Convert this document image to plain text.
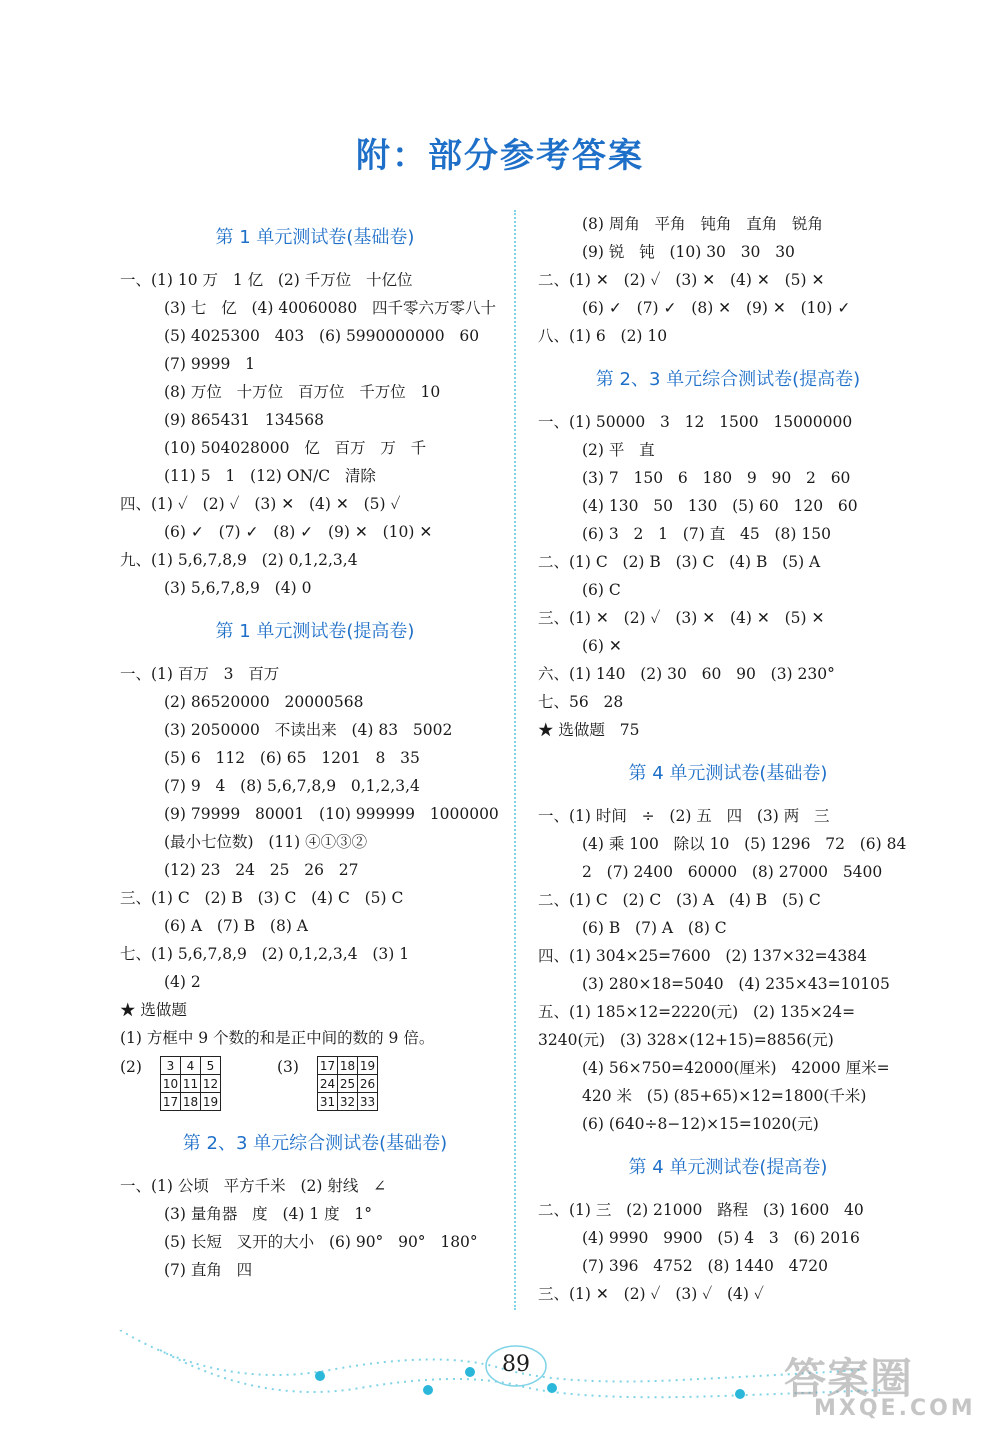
附：部分参考答案
第 1 单元测试卷(基础卷)
一、(1) 10 万   1 亿   (2) 千万位   十亿位
(3) 七   亿   (4) 40060080   四千零六万零八十
(5) 4025300   403   (6) 5990000000   60
(7) 9999   1
(8) 万位   十万位   百万位   千万位   10
(9) 865431   134568
(10) 504028000   亿   百万   万   千
(11) 5   1   (12) ON/C   清除
四、(1) ✓   (2) ✓   (3) ✕   (4) ✕   (5) ✓
(6) ✓   (7) ✓   (8) ✓   (9) ✕   (10) ✕
九、(1) 5,6,7,8,9   (2) 0,1,2,3,4
(3) 5,6,7,8,9   (4) 0
第 1 单元测试卷(提高卷)
一、(1) 百万   3   百万
(2) 86520000   20000568
(3) 2050000   不读出来   (4) 83   5002
(5) 6   112   (6) 65   1201   8   35
(7) 9   4   (8) 5,6,7,8,9   0,1,2,3,4
(9) 79999   80001   (10) 999999   1000000
(最小七位数)   (11) ④①③②
(12) 23   24   25   26   27
三、(1) C   (2) B   (3) C   (4) C   (5) C
(6) A   (7) B   (8) A
七、(1) 5,6,7,8,9   (2) 0,1,2,3,4   (3) 1
(4) 2
★ 选做题
(1) 方框中 9 个数的和是正中间的数的 9 倍。
(2)	3	4	5
10	11	12
17	18	19
(3)	17	18	19
24	25	26
31	32	33
第 2、3 单元综合测试卷(基础卷)
一、(1) 公顷   平方千米   (2) 射线   ∠
(3) 量角器   度   (4) 1 度   1°
(5) 长短   叉开的大小   (6) 90°   90°   180°
(7) 直角   四
(8) 周角   平角   钝角   直角   锐角
(9) 锐   钝   (10) 30   30   30
二、(1) ✕   (2) ✓   (3) ✕   (4) ✕   (5) ✕
(6) ✓   (7) ✓   (8) ✕   (9) ✕   (10) ✓
八、(1) 6   (2) 10
第 2、3 单元综合测试卷(提高卷)
一、(1) 50000   3   12   1500   15000000
(2) 平   直
(3) 7   150   6   180   9   90   2   60
(4) 130   50   130   (5) 60   120   60
(6) 3   2   1   (7) 直   45   (8) 150
二、(1) C   (2) B   (3) C   (4) B   (5) A
(6) C
三、(1) ✕   (2) ✓   (3) ✕   (4) ✕   (5) ✕
(6) ✕
六、(1) 140   (2) 30   60   90   (3) 230°
七、56   28
★ 选做题   75
第 4 单元测试卷(基础卷)
一、(1) 时间   ÷   (2) 五   四   (3) 两   三
(4) 乘 100   除以 10   (5) 1296   72   (6) 84
2   (7) 2400   60000   (8) 27000   5400
二、(1) C   (2) C   (3) A   (4) B   (5) C
(6) B   (7) A   (8) C
四、(1) 304×25=7600   (2) 137×32=4384
(3) 280×18=5040   (4) 235×43=10105
五、(1) 185×12=2220(元)   (2) 135×24=
3240(元)   (3) 328×(12+15)=8856(元)
(4) 56×750=42000(厘米)   42000 厘米=
420 米   (5) (85+65)×12=1800(千米)
(6) (640÷8−12)×15=1020(元)
第 4 单元测试卷(提高卷)
二、(1) 三   (2) 21000   路程   (3) 1600   40
(4) 9990   9900   (5) 4   3   (6) 2016
(7) 396   4752   (8) 1440   4720
三、(1) ✕   (2) ✓   (3) ✓   (4) ✓
89	答案圈
MXQE.COM
